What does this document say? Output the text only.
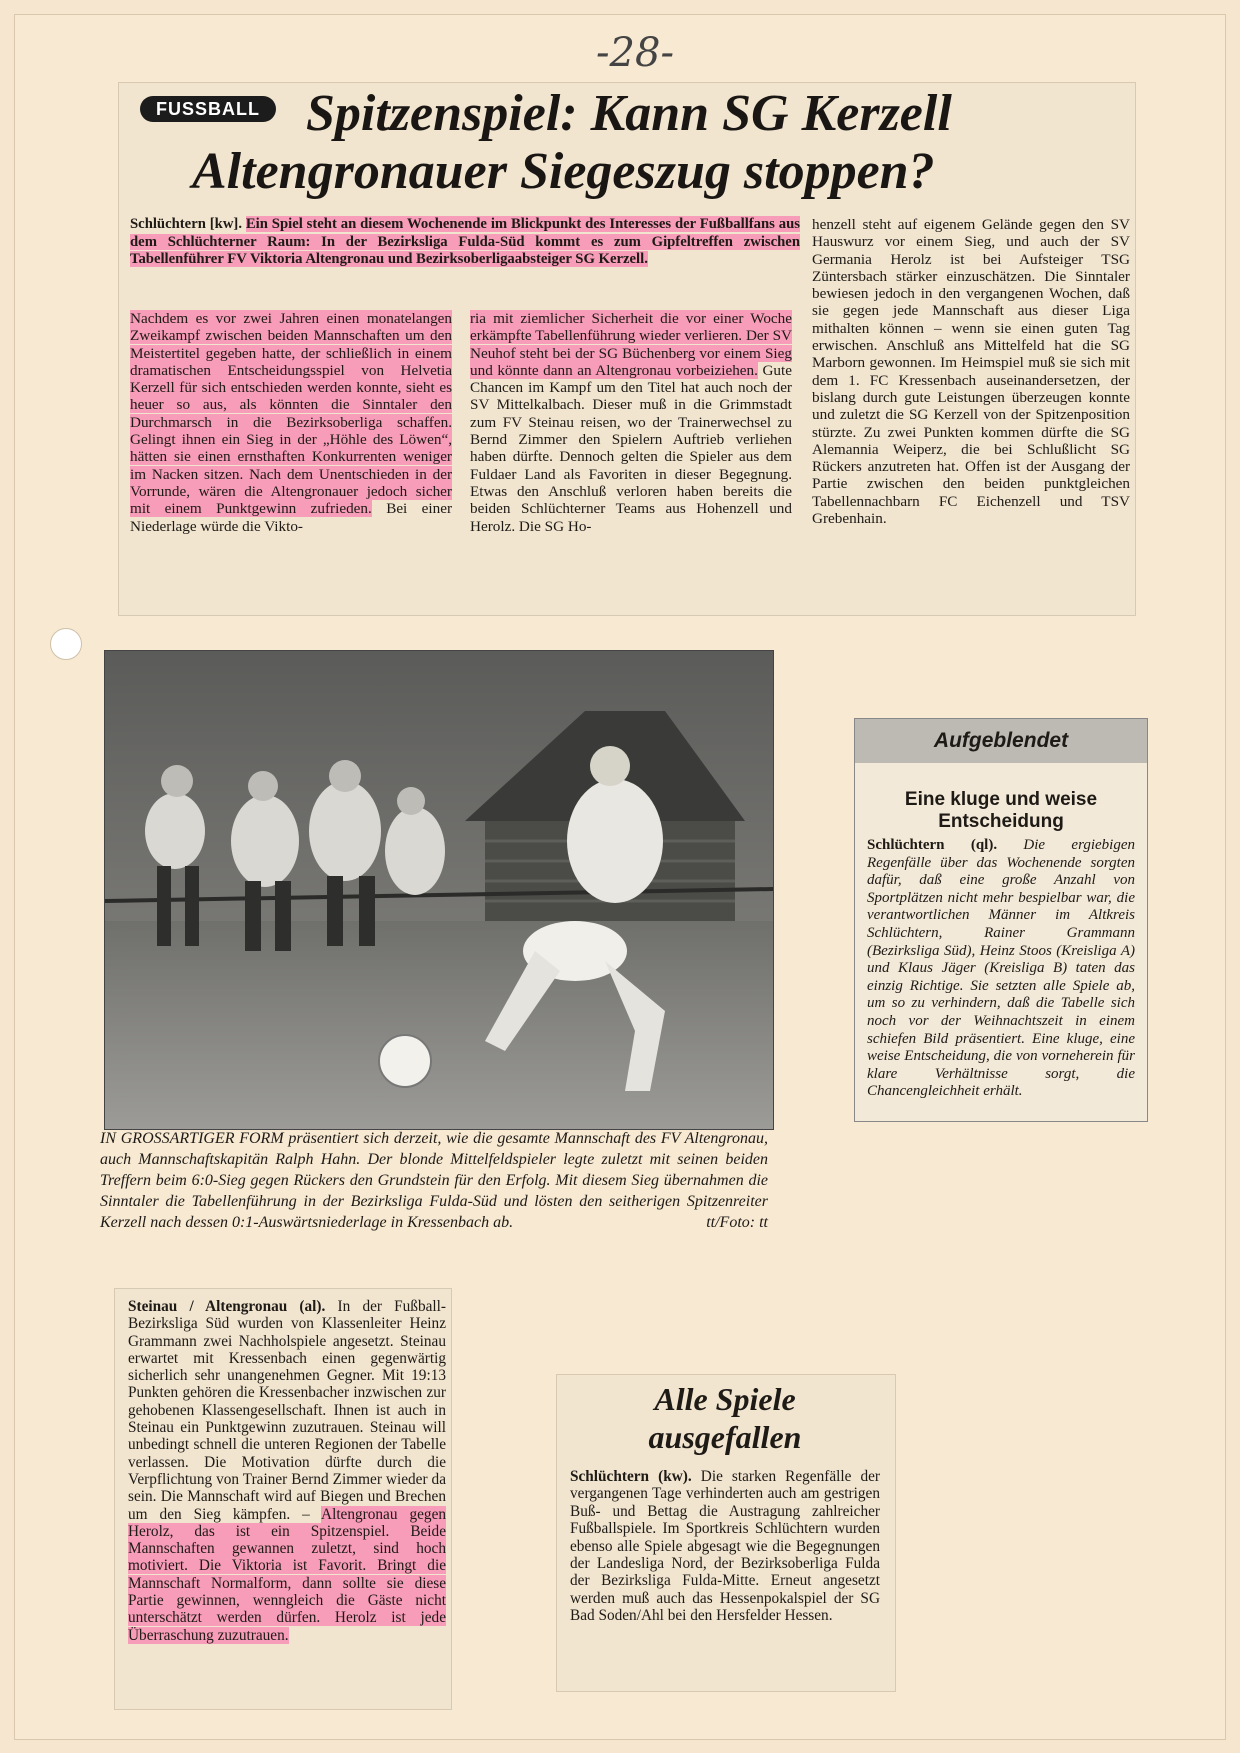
-28-
FUSSBALL Spitzenspiel: Kann SG Kerzell
Altengronauer Siegeszug stoppen?
Schlüchtern [kw]. Ein Spiel steht an diesem Wochenende im Blickpunkt des Interesses der Fußballfans aus dem Schlüchterner Raum: In der Bezirksliga Fulda-Süd kommt es zum Gipfeltreffen zwischen Tabellenführer FV Viktoria Altengronau und Bezirksoberligaabsteiger SG Kerzell.
Nachdem es vor zwei Jahren einen monatelangen Zweikampf zwischen beiden Mannschaften um den Meistertitel gegeben hatte, der schließlich in einem dramatischen Entscheidungsspiel von Helvetia Kerzell für sich entschieden werden konnte, sieht es heuer so aus, als könnten die Sinntaler den Durchmarsch in die Bezirksoberliga schaffen. Gelingt ihnen ein Sieg in der „Höhle des Löwen“, hätten sie einen ernsthaften Konkurrenten weniger im Nacken sitzen. Nach dem Unentschieden in der Vorrunde, wären die Altengronauer jedoch sicher mit einem Punktgewinn zufrieden. Bei einer Niederlage würde die Vikto-
ria mit ziemlicher Sicherheit die vor einer Woche erkämpfte Tabellenführung wieder verlieren. Der SV Neuhof steht bei der SG Büchenberg vor einem Sieg und könnte dann an Altengronau vorbeiziehen. Gute Chancen im Kampf um den Titel hat auch noch der SV Mittelkalbach. Dieser muß in die Grimmstadt zum FV Steinau reisen, wo der Trainerwechsel zu Bernd Zimmer den Spielern Auftrieb verliehen haben dürfte. Dennoch gelten die Spieler aus dem Fuldaer Land als Favoriten in dieser Begegnung. Etwas den Anschluß verloren haben bereits die beiden Schlüchterner Teams aus Hohenzell und Herolz. Die SG Ho-
henzell steht auf eigenem Gelände gegen den SV Hauswurz vor einem Sieg, und auch der SV Germania Herolz ist bei Aufsteiger TSG Züntersbach stärker einzuschätzen. Die Sinntaler bewiesen jedoch in den vergangenen Wochen, daß sie gegen jede Mannschaft aus dieser Liga mithalten können – wenn sie einen guten Tag erwischen. Anschluß ans Mittelfeld hat die SG Marborn gewonnen. Im Heimspiel muß sie sich mit dem 1. FC Kressenbach auseinandersetzen, der bislang durch gute Leistungen überzeugen konnte und zuletzt die SG Kerzell von der Spitzenposition stürzte. Zu zwei Punkten kommen dürfte die SG Alemannia Weiperz, die bei Schlußlicht SG Rückers anzutreten hat. Offen ist der Ausgang der Partie zwischen den beiden punktgleichen Tabellennachbarn FC Eichenzell und TSV Grebenhain.
IN GROSSARTIGER FORM präsentiert sich derzeit, wie die gesamte Mannschaft des FV Altengronau, auch Mannschaftskapitän Ralph Hahn. Der blonde Mittelfeldspieler legte zuletzt mit seinen beiden Treffern beim 6:0-Sieg gegen Rückers den Grundstein für den Erfolg. Mit diesem Sieg übernahmen die Sinntaler die Tabellenführung in der Bezirksliga Fulda-Süd und lösten den seitherigen Spitzenreiter Kerzell nach dessen 0:1-Auswärtsniederlage in Kressenbach ab.	tt/Foto: tt
Aufgeblendet
Eine kluge und weise Entscheidung
Schlüchtern (ql). Die ergiebigen Regenfälle über das Wochenende sorgten dafür, daß eine große Anzahl von Sportplätzen nicht mehr bespielbar war, die verantwortlichen Männer im Altkreis Schlüchtern, Rainer Grammann (Bezirksliga Süd), Heinz Stoos (Kreisliga A) und Klaus Jäger (Kreisliga B) taten das einzig Richtige. Sie setzten alle Spiele ab, um so zu verhindern, daß die Tabelle sich noch vor der Weihnachtszeit in einem schiefen Bild präsentiert. Eine kluge, eine weise Entscheidung, die von vorneherein für klare Verhältnisse sorgt, die Chancengleichheit erhält.
Steinau / Altengronau (al). In der Fußball-Bezirksliga Süd wurden von Klassenleiter Heinz Grammann zwei Nachholspiele angesetzt. Steinau erwartet mit Kressenbach einen gegenwärtig sicherlich sehr unangenehmen Gegner. Mit 19:13 Punkten gehören die Kressenbacher inzwischen zur gehobenen Klassengesellschaft. Ihnen ist auch in Steinau ein Punktgewinn zuzutrauen. Steinau will unbedingt schnell die unteren Regionen der Tabelle verlassen. Die Motivation dürfte durch die Verpflichtung von Trainer Bernd Zimmer wieder da sein. Die Mannschaft wird auf Biegen und Brechen um den Sieg kämpfen. – Altengronau gegen Herolz, das ist ein Spitzenspiel. Beide Mannschaften gewannen zuletzt, sind hoch motiviert. Die Viktoria ist Favorit. Bringt die Mannschaft Normalform, dann sollte sie diese Partie gewinnen, wenngleich die Gäste nicht unterschätzt werden dürfen. Herolz ist jede Überraschung zuzutrauen.
Alle Spiele
ausgefallen
Schlüchtern (kw). Die starken Regenfälle der vergangenen Tage verhinderten auch am gestrigen Buß- und Bettag die Austragung zahlreicher Fußballspiele. Im Sportkreis Schlüchtern wurden ebenso alle Spiele abgesagt wie die Begegnungen der Landesliga Nord, der Bezirksoberliga Fulda der Bezirksliga Fulda-Mitte. Erneut angesetzt werden muß auch das Hessenpokalspiel der SG Bad Soden/Ahl bei den Hersfelder Hessen.
